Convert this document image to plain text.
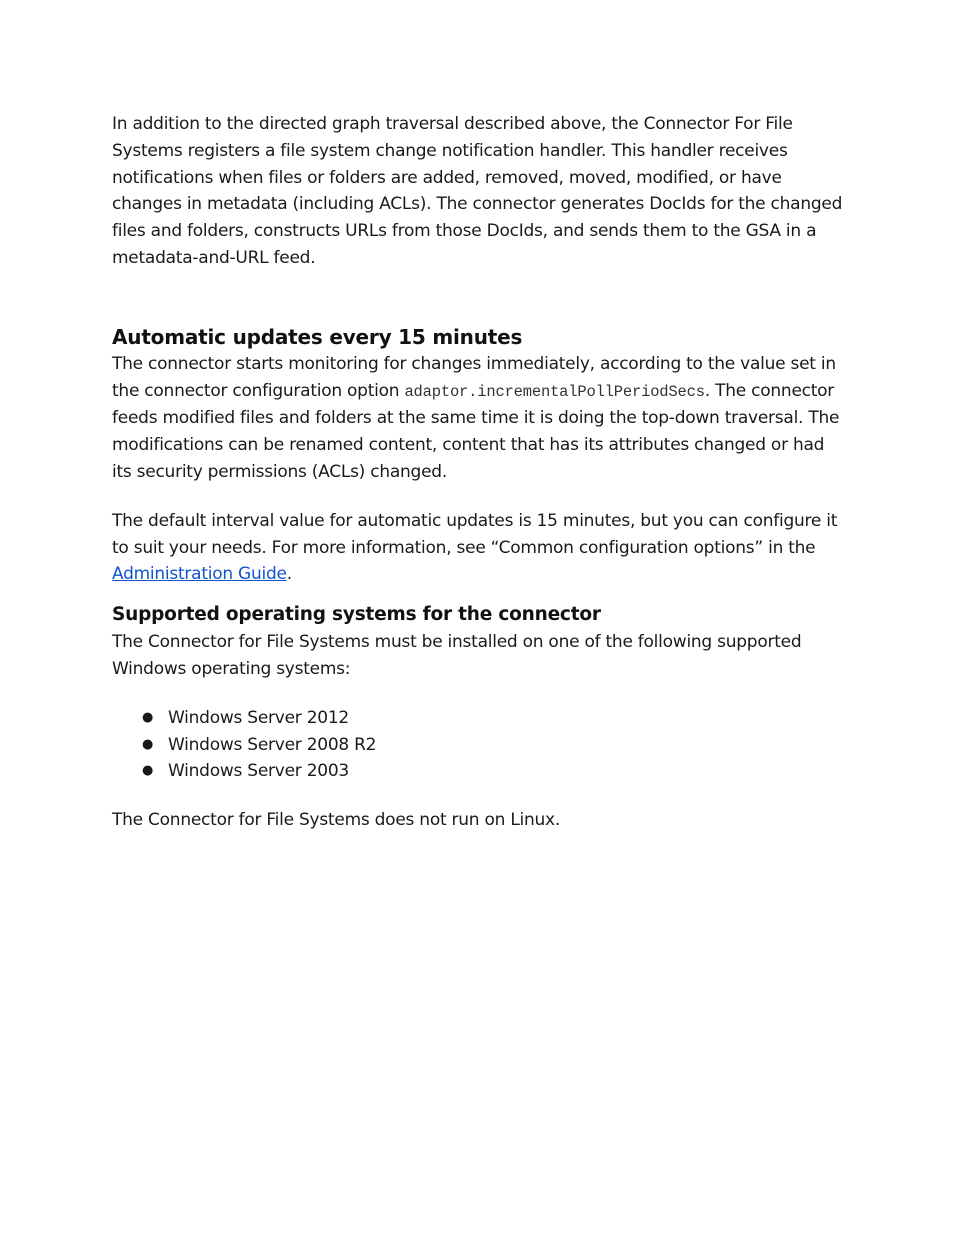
In addition to the directed graph traversal described above, the Connector For File Systems registers a file system change notification handler. This handler receives notifications when files or folders are added, removed, moved, modified, or have changes in metadata (including ACLs). The connector generates DocIds for the changed files and folders, constructs URLs from those DocIds, and sends them to the GSA in a metadata-and-URL feed.

Automatic updates every 15 minutes

The connector starts monitoring for changes immediately, according to the value set in the connector configuration option adaptor.incrementalPollPeriodSecs. The connector feeds modified files and folders at the same time it is doing the top-down traversal. The modifications can be renamed content, content that has its attributes changed or had its security permissions (ACLs) changed.

The default interval value for automatic updates is 15 minutes, but you can configure it to suit your needs. For more information, see “Common configuration options” in the Administration Guide.

Supported operating systems for the connector

The Connector for File Systems must be installed on one of the following supported Windows operating systems:

● Windows Server 2012
● Windows Server 2008 R2
● Windows Server 2003

The Connector for File Systems does not run on Linux.
